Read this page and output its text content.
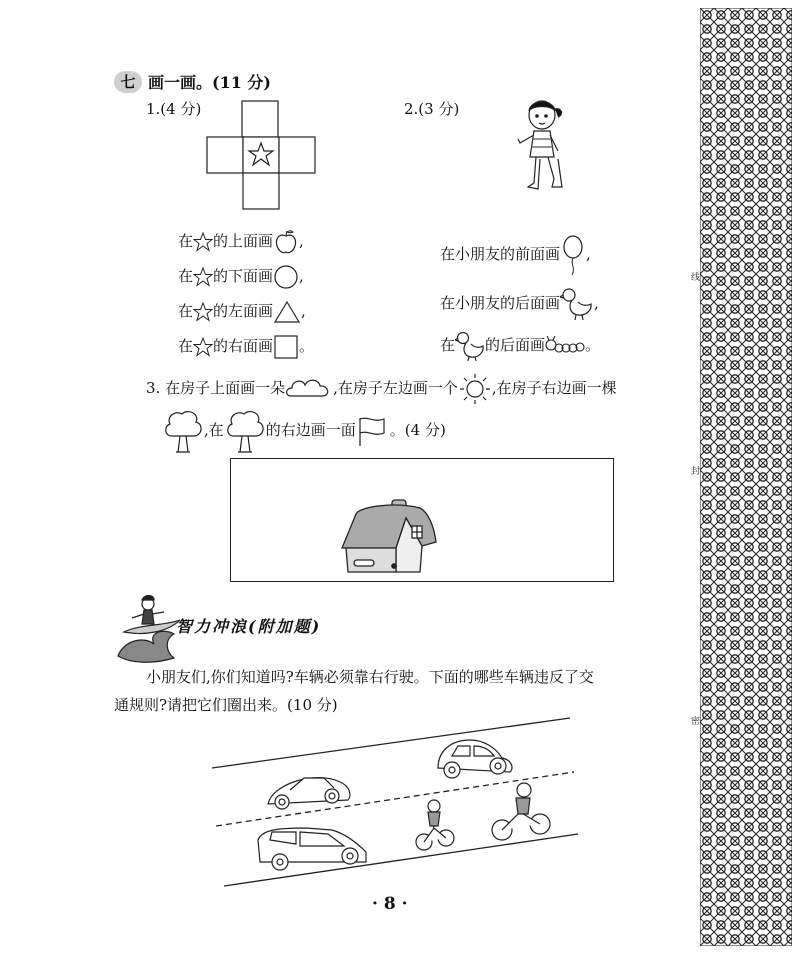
线
封
密
七 画一画。(11 分)
1.(4 分)
在 的上面画 ,
在 的下面画 ,
在 的左面画 ,
在 的右面画 。
2.(3 分)
在小朋友的前面画 ,
在小朋友的后面画 ,
在 的后面画	。
3. 在房子上面画一朵	,在房子左边画一个 ,在房子右边画一棵
,在	的右边画一面 。(4 分)
智力冲浪(附加题)
小朋友们,你们知道吗?车辆必须靠右行驶。下面的哪些车辆违反了交
通规则?请把它们圈出来。(10 分)
· 8 ·
